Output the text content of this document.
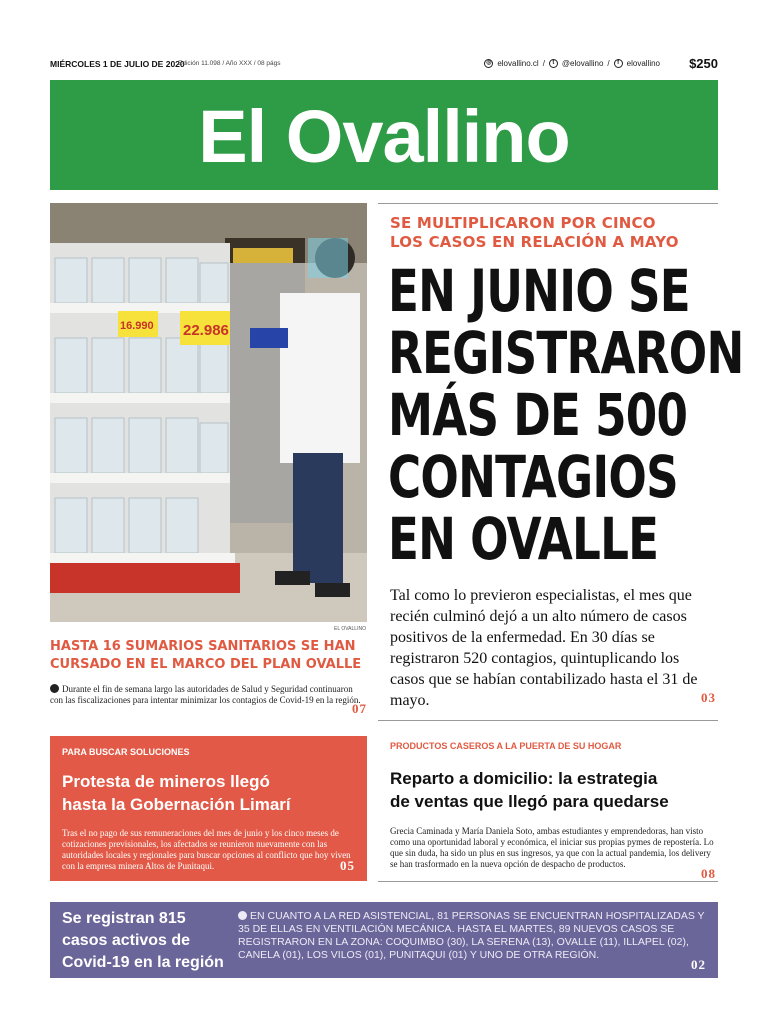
MIÉRCOLES 1 DE JULIO DE 2020
Edición 11.098 / Año XXX / 08 págs	◎ elovallino.cl /	t @elovallino /	f elovallino $250
El Ovallino
16.990 22.986
EL OVALLINO
SE MULTIPLICARON POR CINCO
LOS CASOS EN RELACIÓN A MAYO
EN JUNIO SE
REGISTRARON
MÁS DE 500
CONTAGIOS
EN OVALLE
Tal como lo previeron especialistas, el mes que recién culminó dejó a un alto número de casos positivos de la enfermedad. En 30 días se registraron 520 contagios, quintuplicando los casos que se habían contabilizado hasta el 31 de mayo.	03
HASTA 16 SUMARIOS SANITARIOS SE HAN
CURSADO EN EL MARCO DEL PLAN OVALLE
Durante el fin de semana largo las autoridades de Salud y Seguridad continuaron con las fiscalizaciones para intentar minimizar los contagios de Covid-19 en la región.
07
PARA BUSCAR SOLUCIONES
Protesta de mineros llegó
hasta la Gobernación Limarí
Tras el no pago de sus remuneraciones del mes de junio y los cinco meses de cotizaciones previsionales, los afectados se reunieron nuevamente con las autoridades locales y regionales para buscar opciones al conflicto que hoy viven con la empresa minera Altos de Punitaqui.	05
PRODUCTOS CASEROS A LA PUERTA DE SU HOGAR
Reparto a domicilio: la estrategia
de ventas que llegó para quedarse
Grecia Caminada y María Daniela Soto, ambas estudiantes y emprendedoras, han visto como una oportunidad laboral y económica, el iniciar sus propias pymes de repostería. Lo que sin duda, ha sido un plus en sus ingresos, ya que con la actual pandemia, los delivery se han trasformado en la nueva opción de despacho de productos.
08
Se registran 815
casos activos de
Covid-19 en la región
EN CUANTO A LA RED ASISTENCIAL, 81 PERSONAS SE ENCUENTRAN HOSPITALIZADAS Y 35 DE ELLAS EN VENTILACIÓN MECÁNICA. HASTA EL MARTES, 89 NUEVOS CASOS SE REGISTRARON EN LA ZONA: COQUIMBO (30), LA SERENA (13), OVALLE (11), ILLAPEL (02), CANELA (01), LOS VILOS (01), PUNITAQUI (01) Y UNO DE OTRA REGIÓN.
02
